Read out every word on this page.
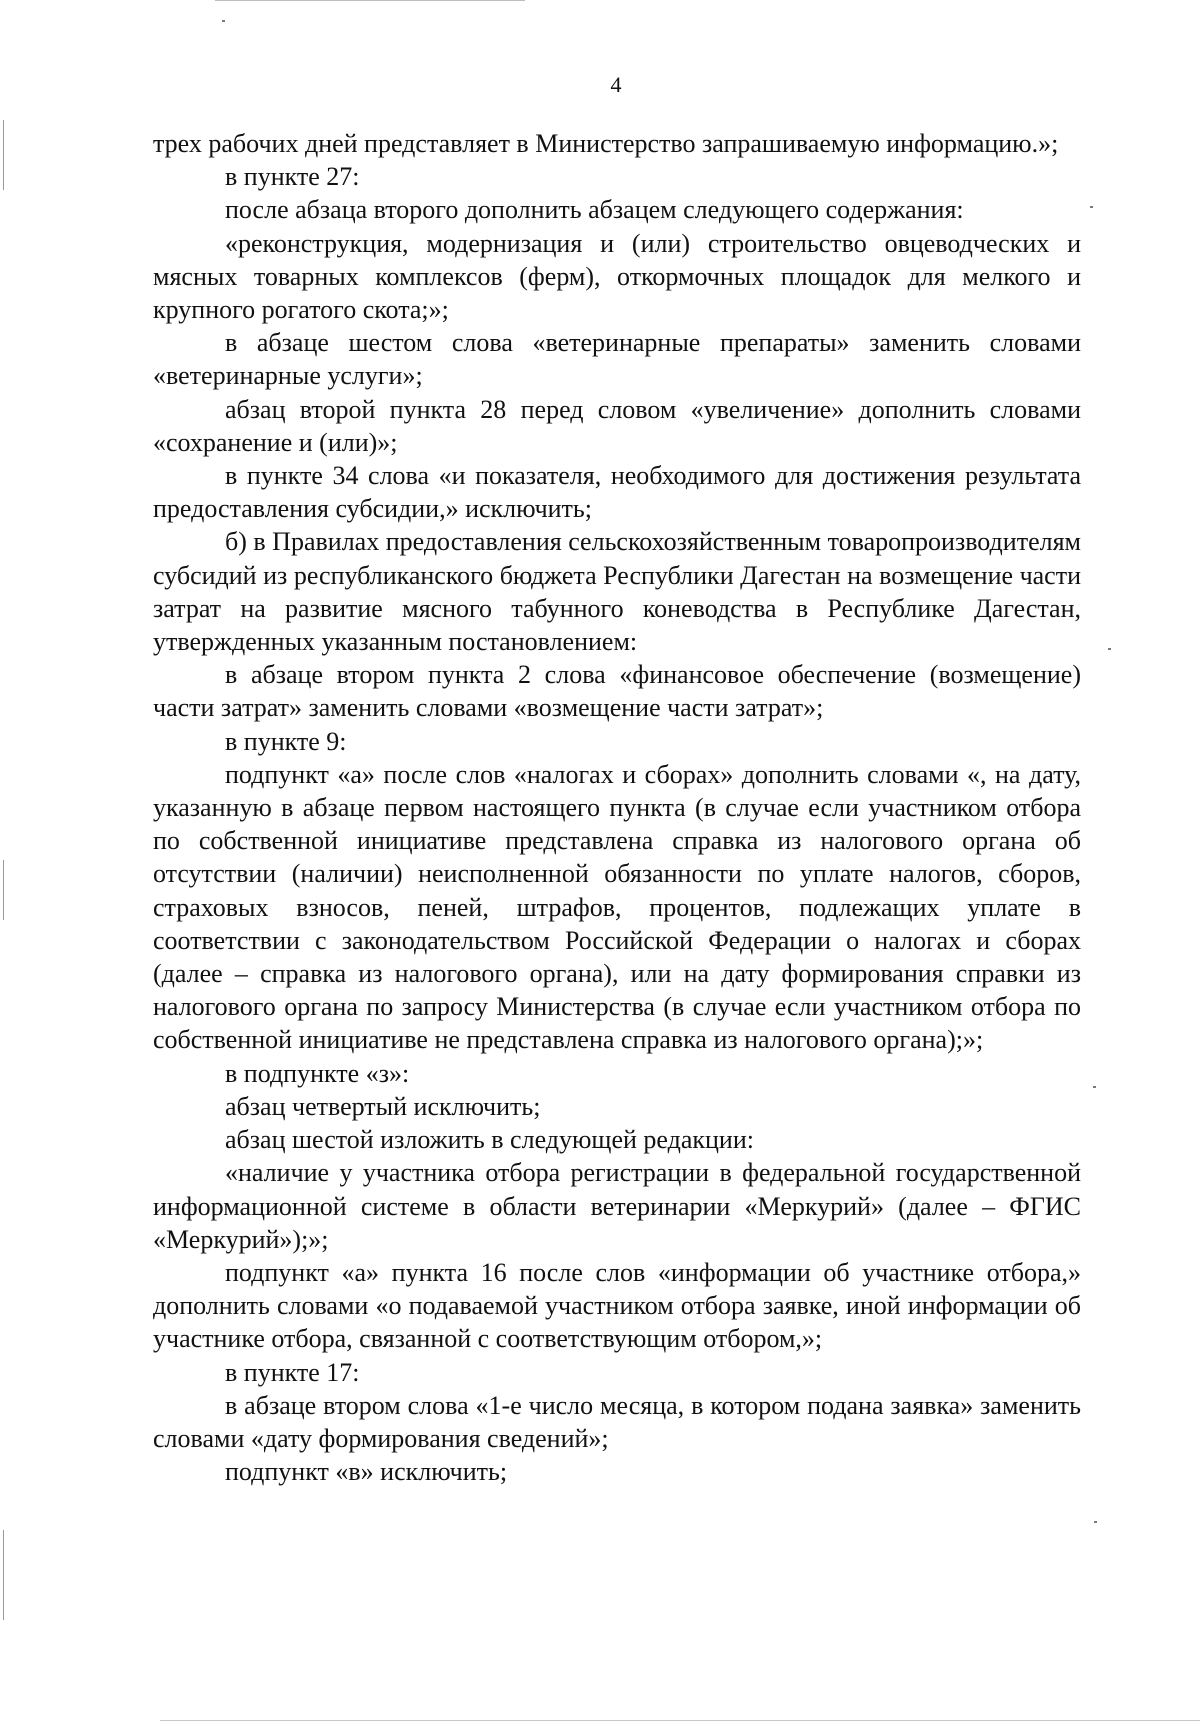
4

трех рабочих дней представляет в Министерство запрашиваемую информацию.»;

в пункте 27:

после абзаца второго дополнить абзацем следующего содержания:

«реконструкция, модернизация и (или) строительство овцеводческих и мясных товарных комплексов (ферм), откормочных площадок для мелкого и крупного рогатого скота;»;

в абзаце шестом слова «ветеринарные препараты» заменить словами «ветеринарные услуги»;

абзац второй пункта 28 перед словом «увеличение» дополнить словами «сохранение и (или)»;

в пункте 34 слова «и показателя, необходимого для достижения результата предоставления субсидии,» исключить;

б) в Правилах предоставления сельскохозяйственным товаропроизводителям субсидий из республиканского бюджета Республики Дагестан на возмещение части затрат на развитие мясного табунного коневодства в Республике Дагестан, утвержденных указанным постановлением:

в абзаце втором пункта 2 слова «финансовое обеспечение (возмещение) части затрат» заменить словами «возмещение части затрат»;

в пункте 9:

подпункт «а» после слов «налогах и сборах» дополнить словами «, на дату, указанную в абзаце первом настоящего пункта (в случае если участником отбора по собственной инициативе представлена справка из налогового органа об отсутствии (наличии) неисполненной обязанности по уплате налогов, сборов, страховых взносов, пеней, штрафов, процентов, подлежащих уплате в соответствии с законодательством Российской Федерации о налогах и сборах (далее – справка из налогового органа), или на дату формирования справки из налогового органа по запросу Министерства (в случае если участником отбора по собственной инициативе не представлена справка из налогового органа);»;

в подпункте «з»:

абзац четвертый исключить;

абзац шестой изложить в следующей редакции:

«наличие у участника отбора регистрации в федеральной государственной информационной системе в области ветеринарии «Меркурий» (далее – ФГИС «Меркурий»);»;

подпункт «а» пункта 16 после слов «информации об участнике отбора,» дополнить словами «о подаваемой участником отбора заявке, иной информации об участнике отбора, связанной с соответствующим отбором,»;

в пункте 17:

в абзаце втором слова «1-е число месяца, в котором подана заявка» заменить словами «дату формирования сведений»;

подпункт «в» исключить;
